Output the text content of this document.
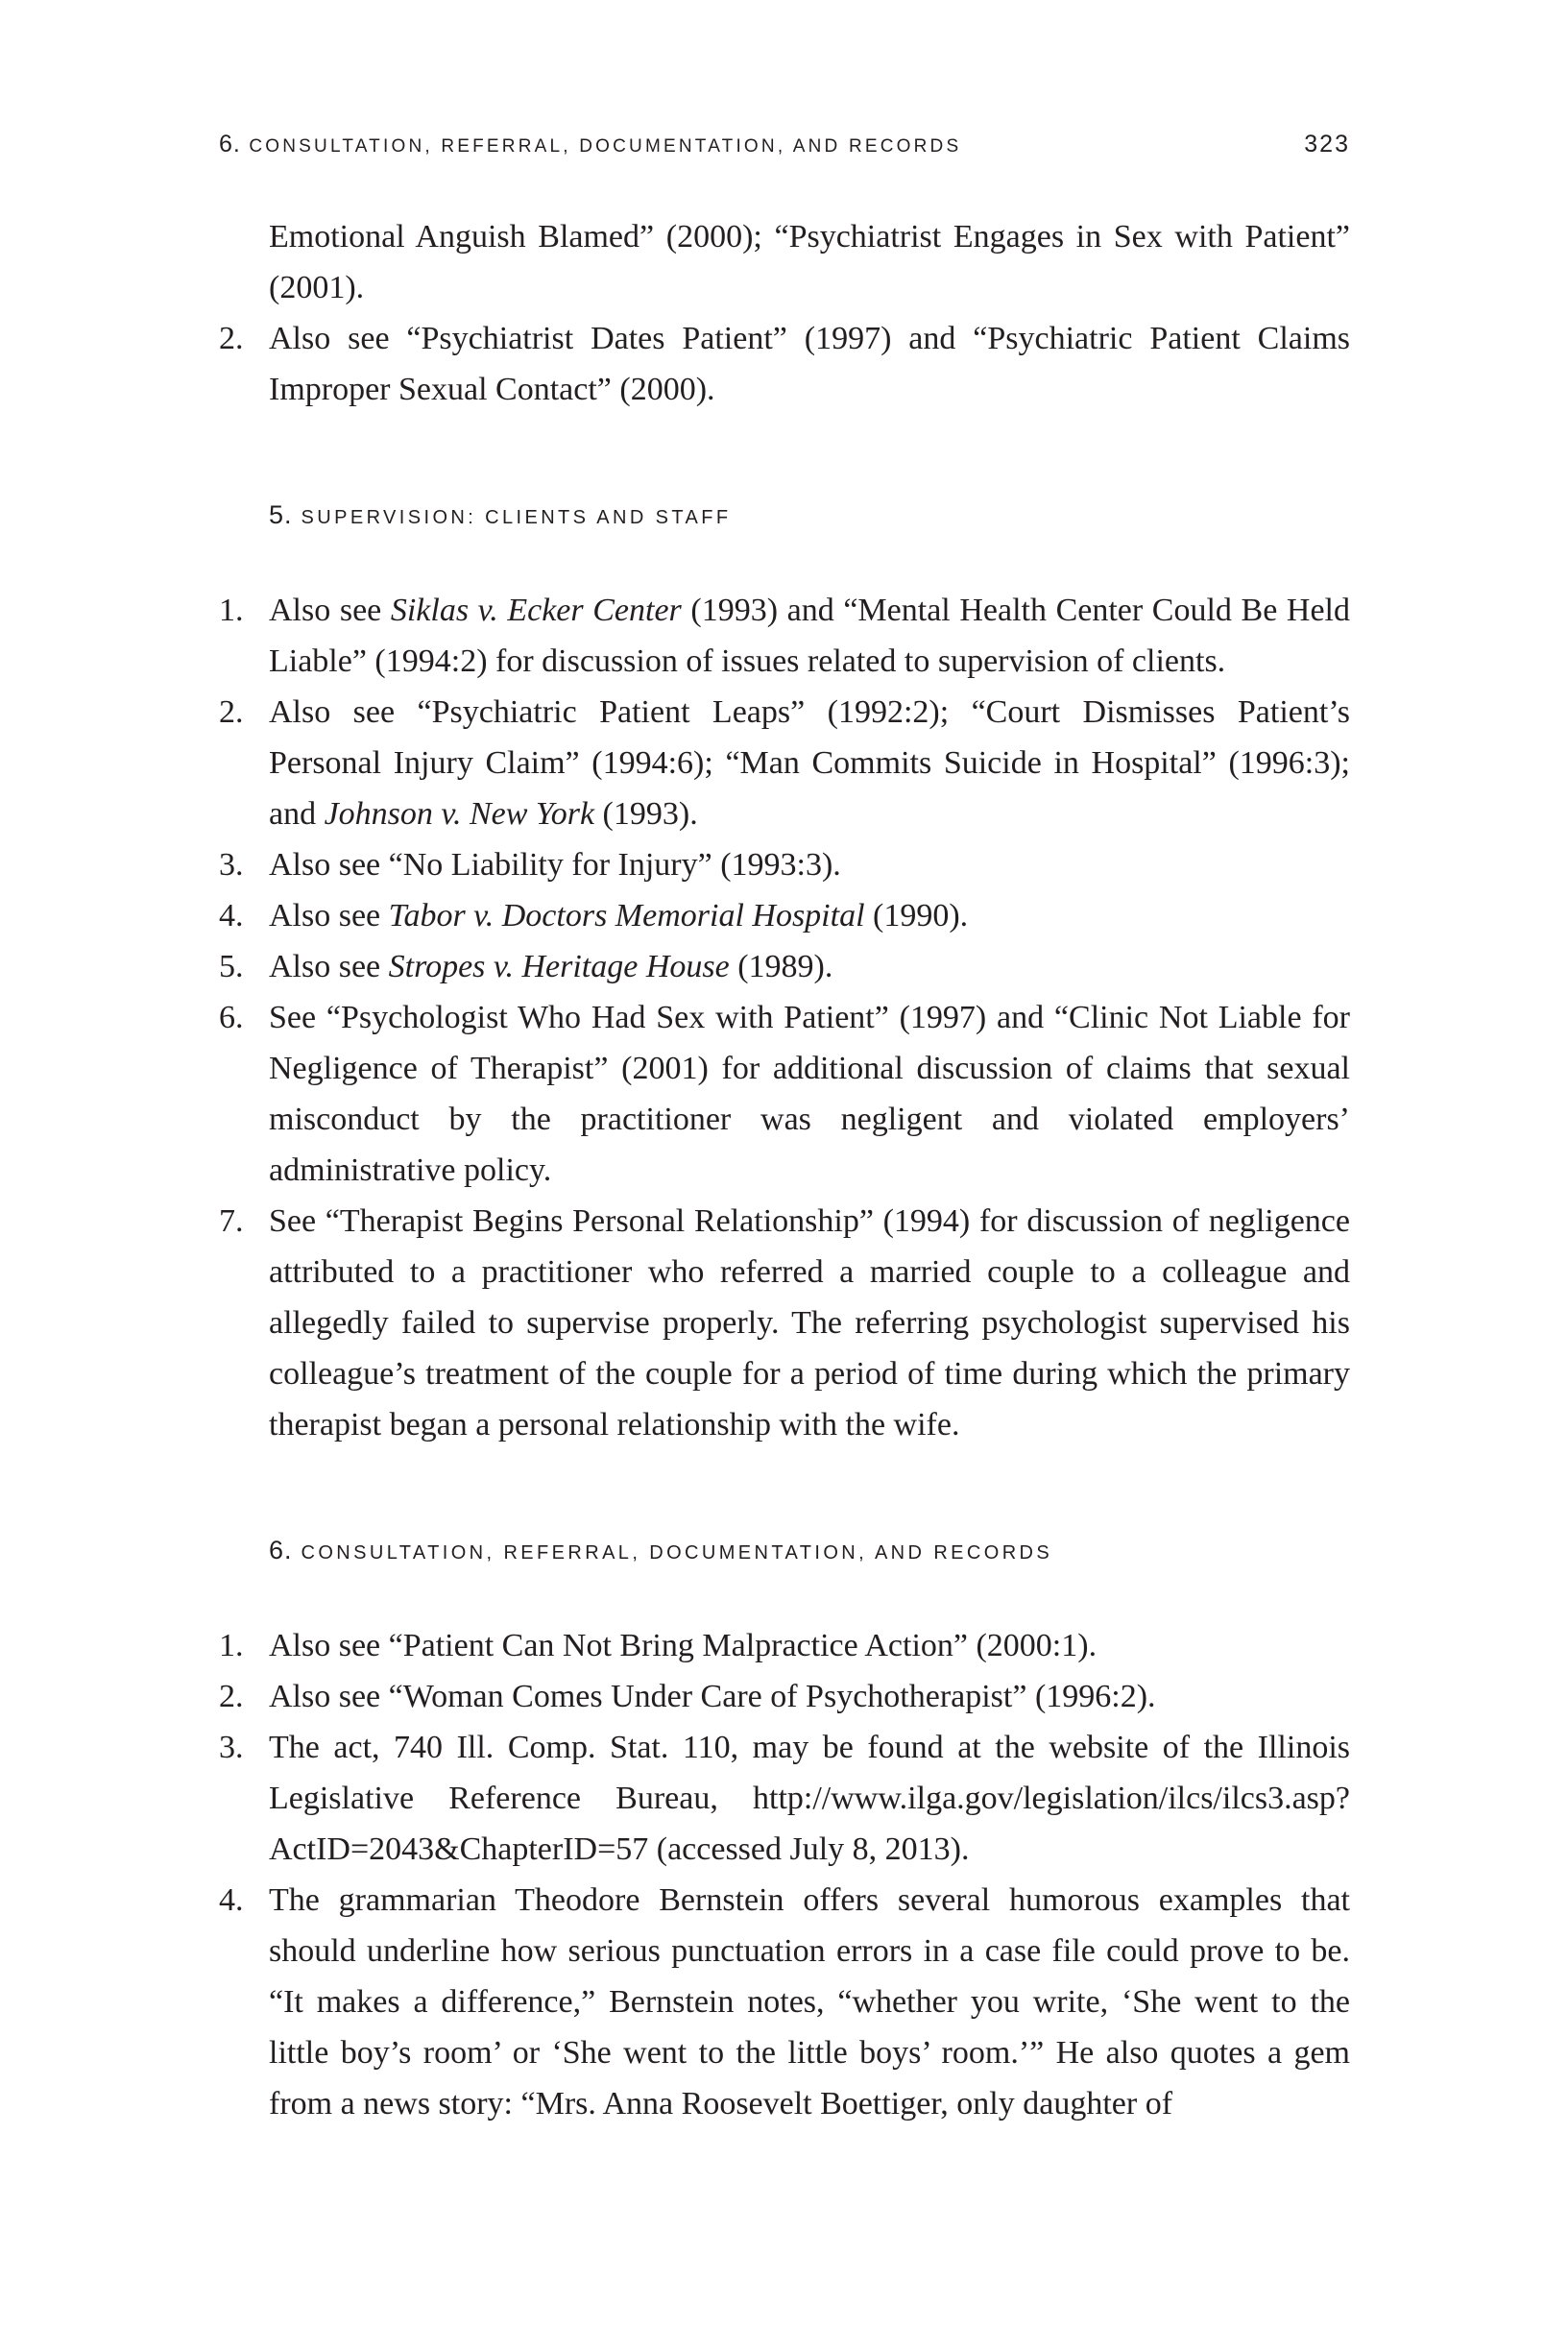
6. CONSULTATION, REFERRAL, DOCUMENTATION, AND RECORDS	323
Emotional Anguish Blamed” (2000); “Psychiatrist Engages in Sex with Patient” (2001).
2. Also see “Psychiatrist Dates Patient” (1997) and “Psychiatric Patient Claims Improper Sexual Contact” (2000).
5. SUPERVISION: CLIENTS AND STAFF
1. Also see Siklas v. Ecker Center (1993) and “Mental Health Center Could Be Held Liable” (1994:2) for discussion of issues related to supervision of clients.
2. Also see “Psychiatric Patient Leaps” (1992:2); “Court Dismisses Patient’s Personal Injury Claim” (1994:6); “Man Commits Suicide in Hospital” (1996:3); and Johnson v. New York (1993).
3. Also see “No Liability for Injury” (1993:3).
4. Also see Tabor v. Doctors Memorial Hospital (1990).
5. Also see Stropes v. Heritage House (1989).
6. See “Psychologist Who Had Sex with Patient” (1997) and “Clinic Not Liable for Negligence of Therapist” (2001) for additional discussion of claims that sexual misconduct by the practitioner was negligent and violated employers’ administrative policy.
7. See “Therapist Begins Personal Relationship” (1994) for discussion of negligence attributed to a practitioner who referred a married couple to a colleague and allegedly failed to supervise properly. The referring psychologist supervised his colleague’s treatment of the couple for a period of time during which the primary therapist began a personal relationship with the wife.
6. CONSULTATION, REFERRAL, DOCUMENTATION, AND RECORDS
1. Also see “Patient Can Not Bring Malpractice Action” (2000:1).
2. Also see “Woman Comes Under Care of Psychotherapist” (1996:2).
3. The act, 740 Ill. Comp. Stat. 110, may be found at the website of the Illinois Legislative Reference Bureau, http://www.ilga.gov/legislation/ilcs/ilcs3.asp?ActID=2043&ChapterID=57 (accessed July 8, 2013).
4. The grammarian Theodore Bernstein offers several humorous examples that should underline how serious punctuation errors in a case file could prove to be. “It makes a difference,” Bernstein notes, “whether you write, ‘She went to the little boy’s room’ or ‘She went to the little boys’ room.’” He also quotes a gem from a news story: “Mrs. Anna Roosevelt Boettiger, only daughter of
